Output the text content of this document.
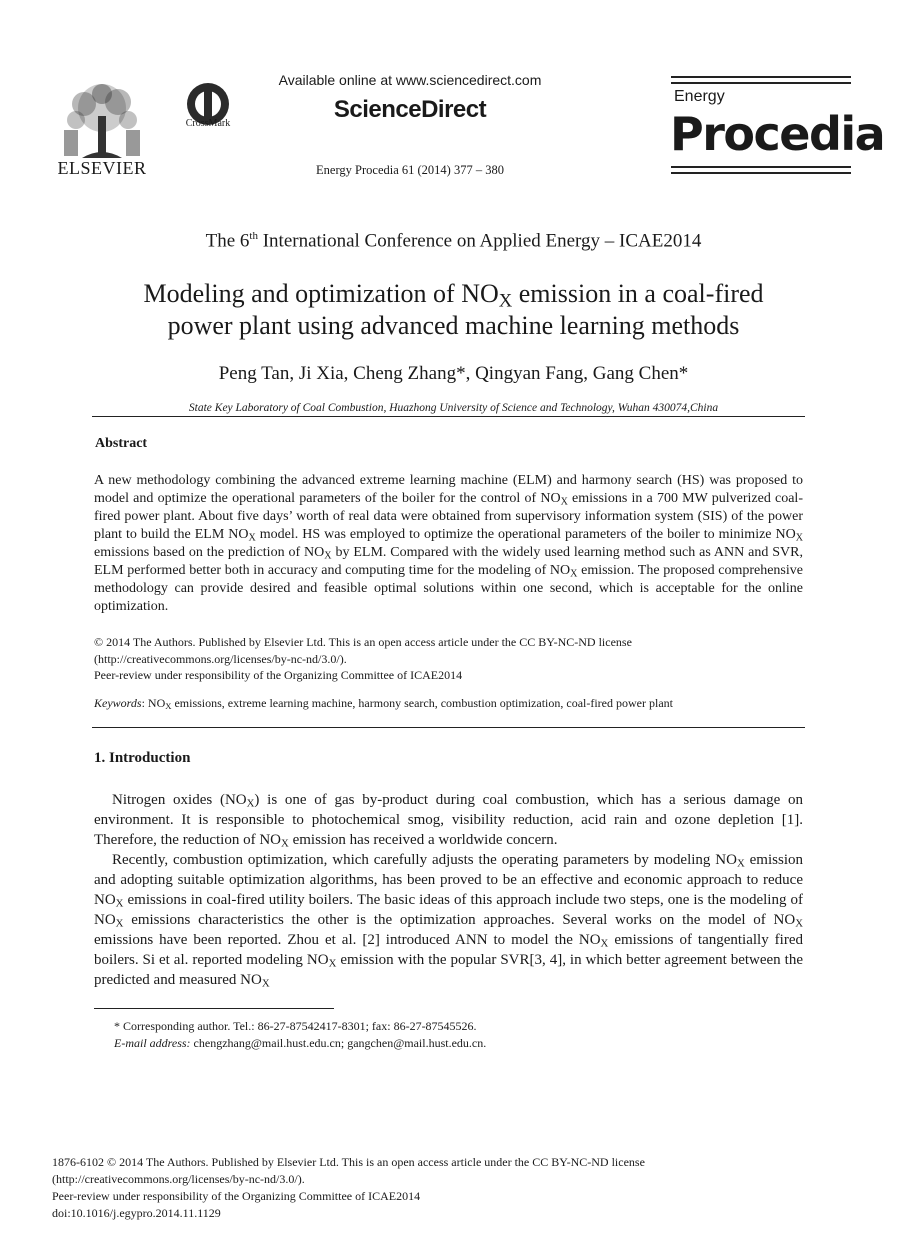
ELSEVIER
CrossMark
Available online at www.sciencedirect.com
ScienceDirect
Energy Procedia 61 (2014) 377 – 380
Energy
Procedia
The 6th International Conference on Applied Energy – ICAE2014
Modeling and optimization of $NO_X$ emission in a coal-fired
power plant using advanced machine learning methods
Peng Tan, Ji Xia, Cheng Zhang*, Qingyan Fang, Gang Chen*
State Key Laboratory of Coal Combustion, Huazhong University of Science and Technology, Wuhan 430074,China
Abstract
A new methodology combining the advanced extreme learning machine (ELM) and harmony search (HS) was proposed to model and optimize the operational parameters of the boiler for the control of $NO_X$ emissions in a 700 MW pulverized coal-fired power plant. About five days’ worth of real data were obtained from supervisory information system (SIS) of the power plant to build the ELM $NO_X$ model. HS was employed to optimize the operational parameters of the boiler to minimize $NO_X$ emissions based on the prediction of $NO_X$ by ELM. Compared with the widely used learning method such as ANN and SVR, ELM performed better both in accuracy and computing time for the modeling of $NO_X$ emission. The proposed comprehensive methodology can provide desired and feasible optimal solutions within one second, which is acceptable for the online optimization.
© 2014 The Authors. Published by Elsevier Ltd. This is an open access article under the CC BY-NC-ND license
(http://creativecommons.org/licenses/by-nc-nd/3.0/).
Peer-review under responsibility of the Organizing Committee of ICAE2014
Keywords: $NO_X$ emissions, extreme learning machine, harmony search, combustion optimization, coal-fired power plant
1. Introduction

Nitrogen oxides $(NO_X)$ is one of gas by-product during coal combustion, which has a serious damage on environment. It is responsible to photochemical smog, visibility reduction, acid rain and ozone depletion [1]. Therefore, the reduction of $NO_X$ emission has received a worldwide concern.

Recently, combustion optimization, which carefully adjusts the operating parameters by modeling $NO_X$ emission and adopting suitable optimization algorithms, has been proved to be an effective and economic approach to reduce $NO_X$ emissions in coal-fired utility boilers. The basic ideas of this approach include two steps, one is the modeling of $NO_X$ emissions characteristics the other is the optimization approaches. Several works on the model of $NO_X$ emissions have been reported. Zhou et al. [2] introduced ANN to model the $NO_X$ emissions of tangentially fired boilers. Si et al. reported modeling $NO_X$ emission with the popular SVR[3, 4], in which better agreement between the predicted and measured $NO_X$

* Corresponding author. Tel.: 86-27-87542417-8301; fax: 86-27-87545526.
E-mail address: chengzhang@mail.hust.edu.cn; gangchen@mail.hust.edu.cn.
1876-6102 © 2014 The Authors. Published by Elsevier Ltd. This is an open access article under the CC BY-NC-ND license
(http://creativecommons.org/licenses/by-nc-nd/3.0/).
Peer-review under responsibility of the Organizing Committee of ICAE2014
doi:10.1016/j.egypro.2014.11.1129
